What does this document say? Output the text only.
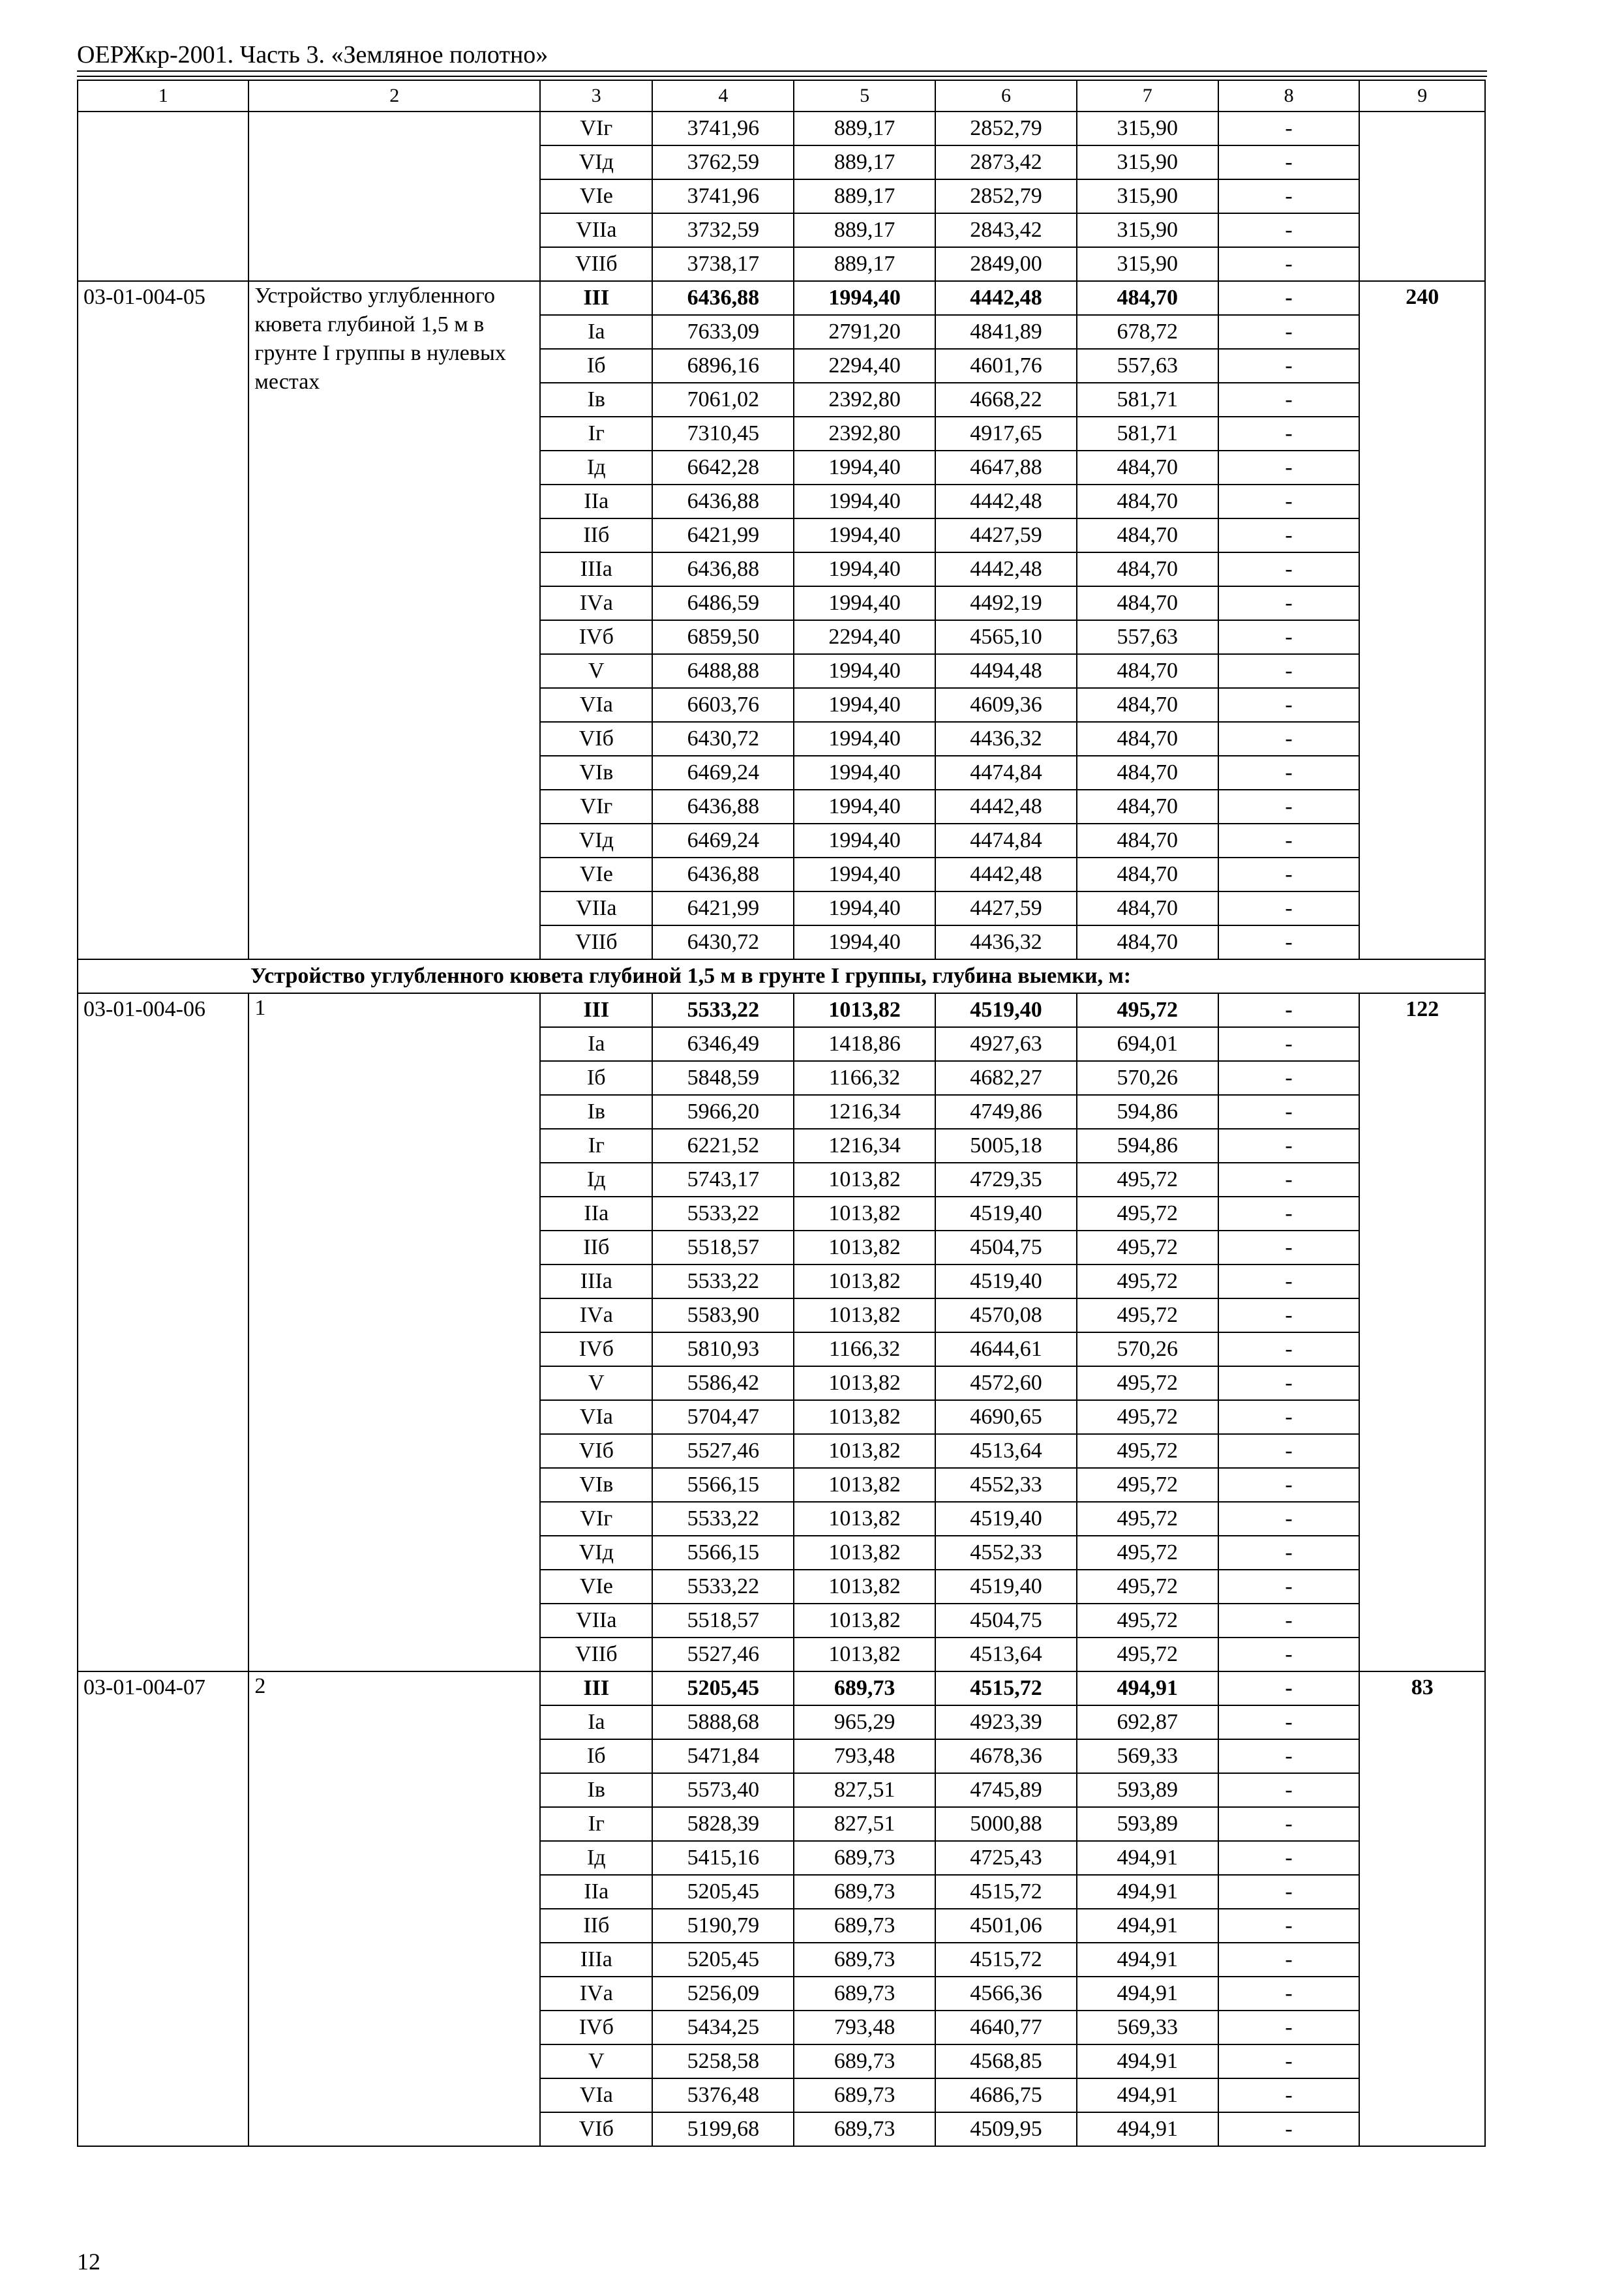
ОЕРЖкр-2001. Часть 3. «Земляное полотно»
1	2	3	4	5	6	7	8	9
		VIг	3741,96	889,17	2852,79	315,90	-	
		VIд	3762,59	889,17	2873,42	315,90	-	
		VIе	3741,96	889,17	2852,79	315,90	-	
		VIIа	3732,59	889,17	2843,42	315,90	-	
		VIIб	3738,17	889,17	2849,00	315,90	-	
03-01-004-05	Устройство углубленного кювета глубиной 1,5 м в грунте I группы в нулевых местах	III	6436,88	1994,40	4442,48	484,70	-	240
		Iа	7633,09	2791,20	4841,89	678,72	-	
		Iб	6896,16	2294,40	4601,76	557,63	-	
		Iв	7061,02	2392,80	4668,22	581,71	-	
		Iг	7310,45	2392,80	4917,65	581,71	-	
		Iд	6642,28	1994,40	4647,88	484,70	-	
		IIа	6436,88	1994,40	4442,48	484,70	-	
		IIб	6421,99	1994,40	4427,59	484,70	-	
		IIIа	6436,88	1994,40	4442,48	484,70	-	
		IVа	6486,59	1994,40	4492,19	484,70	-	
		IVб	6859,50	2294,40	4565,10	557,63	-	
		V	6488,88	1994,40	4494,48	484,70	-	
		VIа	6603,76	1994,40	4609,36	484,70	-	
		VIб	6430,72	1994,40	4436,32	484,70	-	
		VIв	6469,24	1994,40	4474,84	484,70	-	
		VIг	6436,88	1994,40	4442,48	484,70	-	
		VIд	6469,24	1994,40	4474,84	484,70	-	
		VIе	6436,88	1994,40	4442,48	484,70	-	
		VIIа	6421,99	1994,40	4427,59	484,70	-	
		VIIб	6430,72	1994,40	4436,32	484,70	-	
Устройство углубленного кювета глубиной 1,5 м в грунте I группы, глубина выемки, м:								
03-01-004-06	1	III	5533,22	1013,82	4519,40	495,72	-	122
		Iа	6346,49	1418,86	4927,63	694,01	-	
		Iб	5848,59	1166,32	4682,27	570,26	-	
		Iв	5966,20	1216,34	4749,86	594,86	-	
		Iг	6221,52	1216,34	5005,18	594,86	-	
		Iд	5743,17	1013,82	4729,35	495,72	-	
		IIа	5533,22	1013,82	4519,40	495,72	-	
		IIб	5518,57	1013,82	4504,75	495,72	-	
		IIIа	5533,22	1013,82	4519,40	495,72	-	
		IVа	5583,90	1013,82	4570,08	495,72	-	
		IVб	5810,93	1166,32	4644,61	570,26	-	
		V	5586,42	1013,82	4572,60	495,72	-	
		VIа	5704,47	1013,82	4690,65	495,72	-	
		VIб	5527,46	1013,82	4513,64	495,72	-	
		VIв	5566,15	1013,82	4552,33	495,72	-	
		VIг	5533,22	1013,82	4519,40	495,72	-	
		VIд	5566,15	1013,82	4552,33	495,72	-	
		VIе	5533,22	1013,82	4519,40	495,72	-	
		VIIа	5518,57	1013,82	4504,75	495,72	-	
		VIIб	5527,46	1013,82	4513,64	495,72	-	
03-01-004-07	2	III	5205,45	689,73	4515,72	494,91	-	83
		Iа	5888,68	965,29	4923,39	692,87	-	
		Iб	5471,84	793,48	4678,36	569,33	-	
		Iв	5573,40	827,51	4745,89	593,89	-	
		Iг	5828,39	827,51	5000,88	593,89	-	
		Iд	5415,16	689,73	4725,43	494,91	-	
		IIа	5205,45	689,73	4515,72	494,91	-	
		IIб	5190,79	689,73	4501,06	494,91	-	
		IIIа	5205,45	689,73	4515,72	494,91	-	
		IVа	5256,09	689,73	4566,36	494,91	-	
		IVб	5434,25	793,48	4640,77	569,33	-	
		V	5258,58	689,73	4568,85	494,91	-	
		VIа	5376,48	689,73	4686,75	494,91	-	
		VIб	5199,68	689,73	4509,95	494,91	-	
12
